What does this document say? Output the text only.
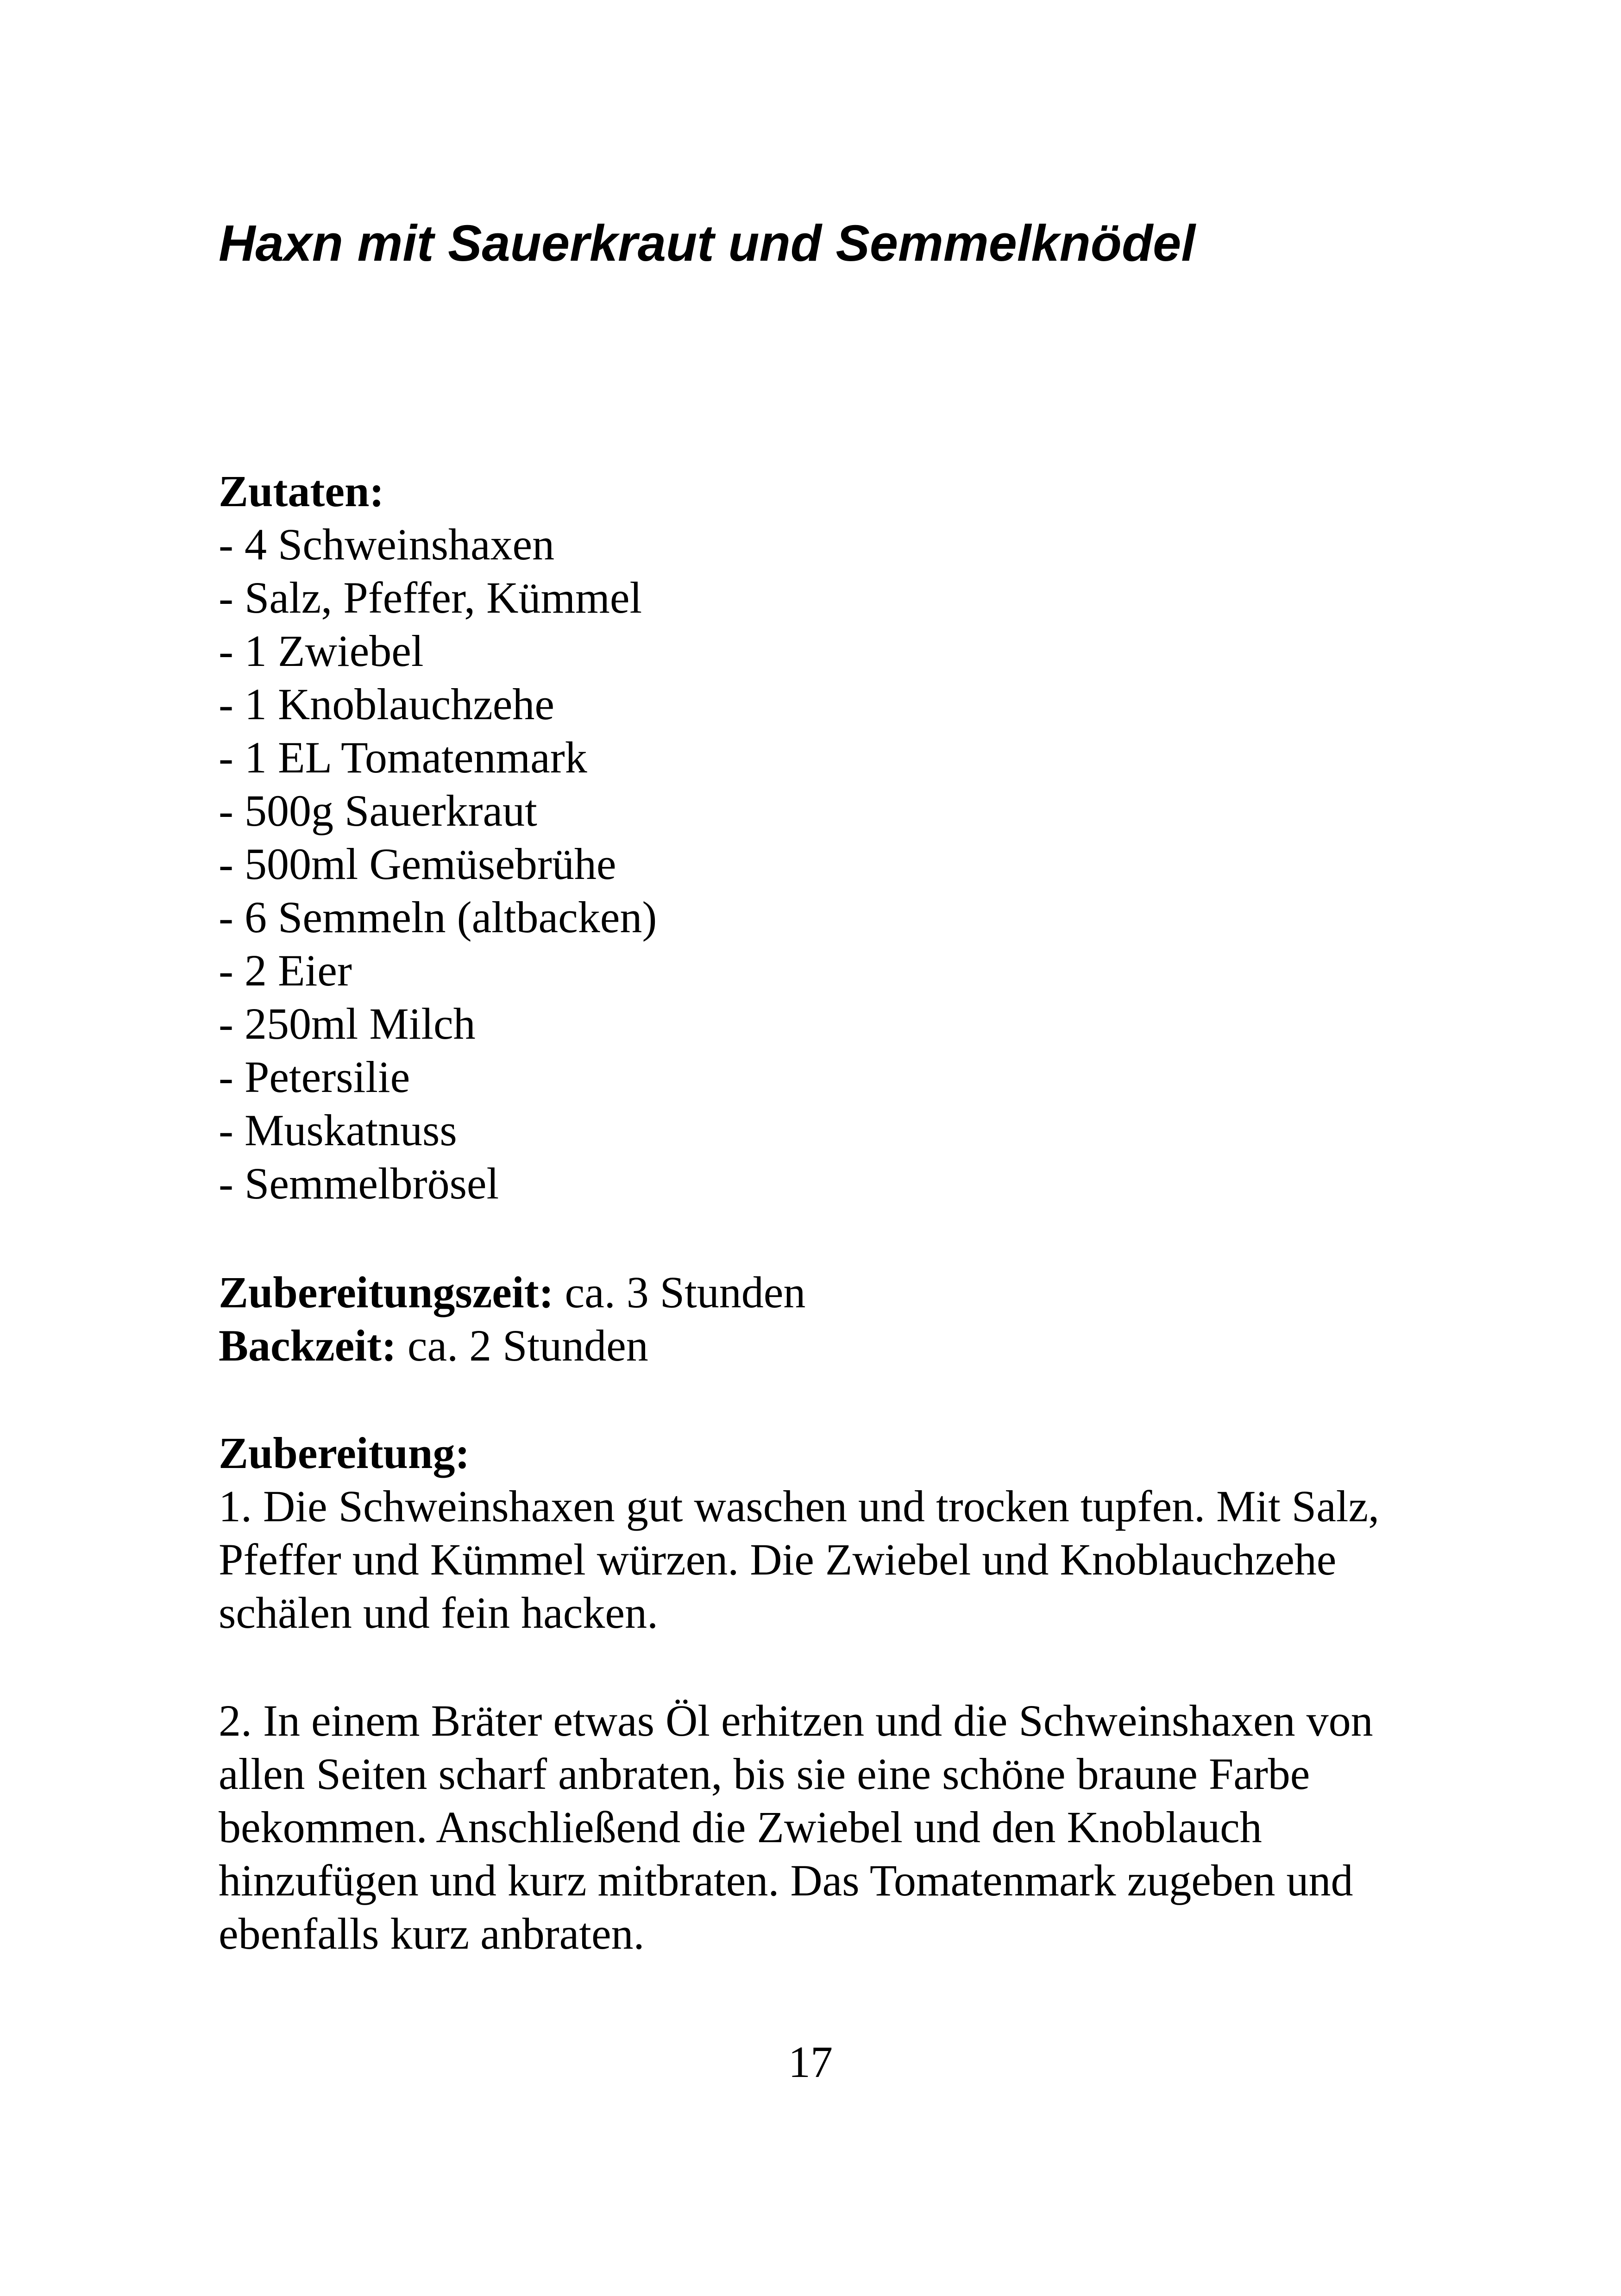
Haxn mit Sauerkraut und Semmelknödel
Zutaten:
- 4 Schweinshaxen
- Salz, Pfeffer, Kümmel
- 1 Zwiebel
- 1 Knoblauchzehe
- 1 EL Tomatenmark
- 500g Sauerkraut
- 500ml Gemüsebrühe
- 6 Semmeln (altbacken)
- 2 Eier
- 250ml Milch
- Petersilie
- Muskatnuss
- Semmelbrösel
Zubereitungszeit: ca. 3 Stunden
Backzeit: ca. 2 Stunden
Zubereitung:

1. Die Schweinshaxen gut waschen und trocken tupfen. Mit Salz, Pfeffer und Kümmel würzen. Die Zwiebel und Knoblauchzehe schälen und fein hacken.

2. In einem Bräter etwas Öl erhitzen und die Schweinshaxen von allen Seiten scharf anbraten, bis sie eine schöne braune Farbe bekommen. Anschließend die Zwiebel und den Knoblauch hinzufügen und kurz mitbraten. Das Tomatenmark zugeben und ebenfalls kurz anbraten.

17
